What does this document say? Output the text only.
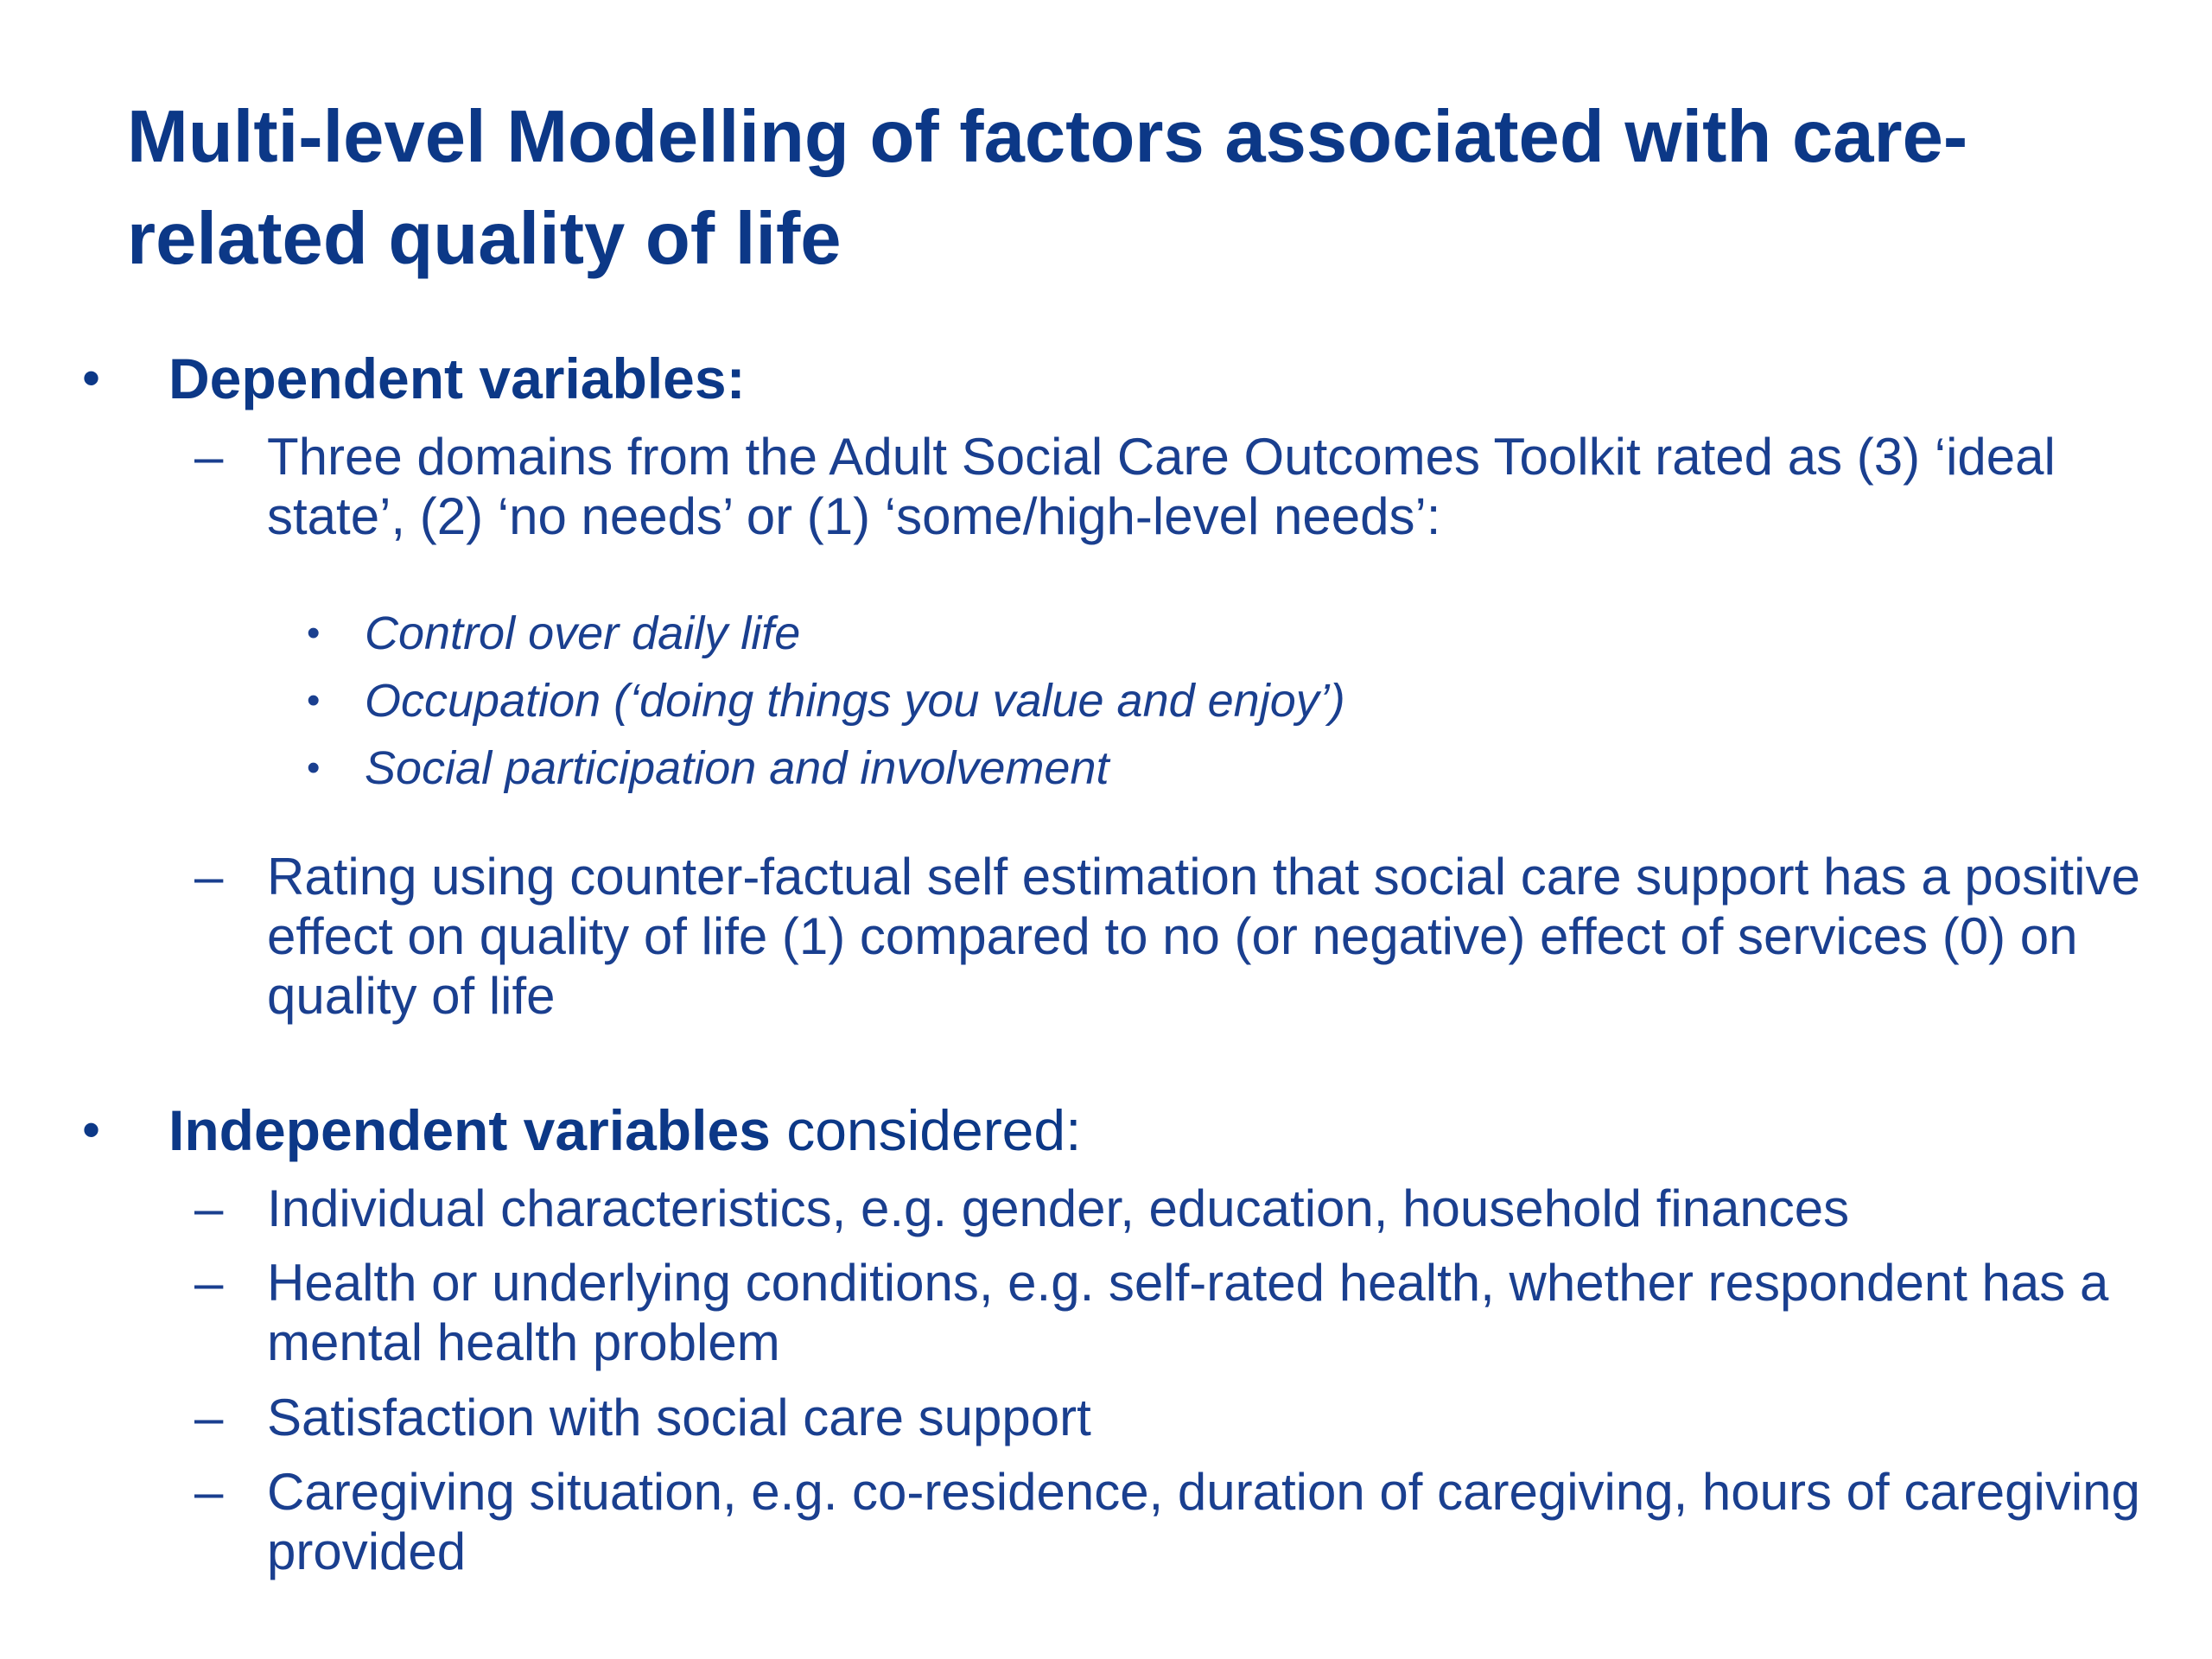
Multi-level Modelling of factors associated with care-related quality of life
• Dependent variables:
– Three domains from the Adult Social Care Outcomes Toolkit rated as (3) ‘ideal state’, (2) ‘no needs’ or (1) ‘some/high-level needs’:
• Control over daily life
• Occupation (‘doing things you value and enjoy’)
• Social participation and involvement
– Rating using counter-factual self estimation that social care support has a positive effect on quality of life (1) compared to no (or negative) effect of services (0) on quality of life
• Independent variables considered:
– Individual characteristics, e.g. gender, education, household finances
– Health or underlying conditions, e.g. self-rated health, whether respondent has a mental health problem
– Satisfaction with social care support
– Caregiving situation, e.g. co-residence, duration of caregiving, hours of caregiving provided
